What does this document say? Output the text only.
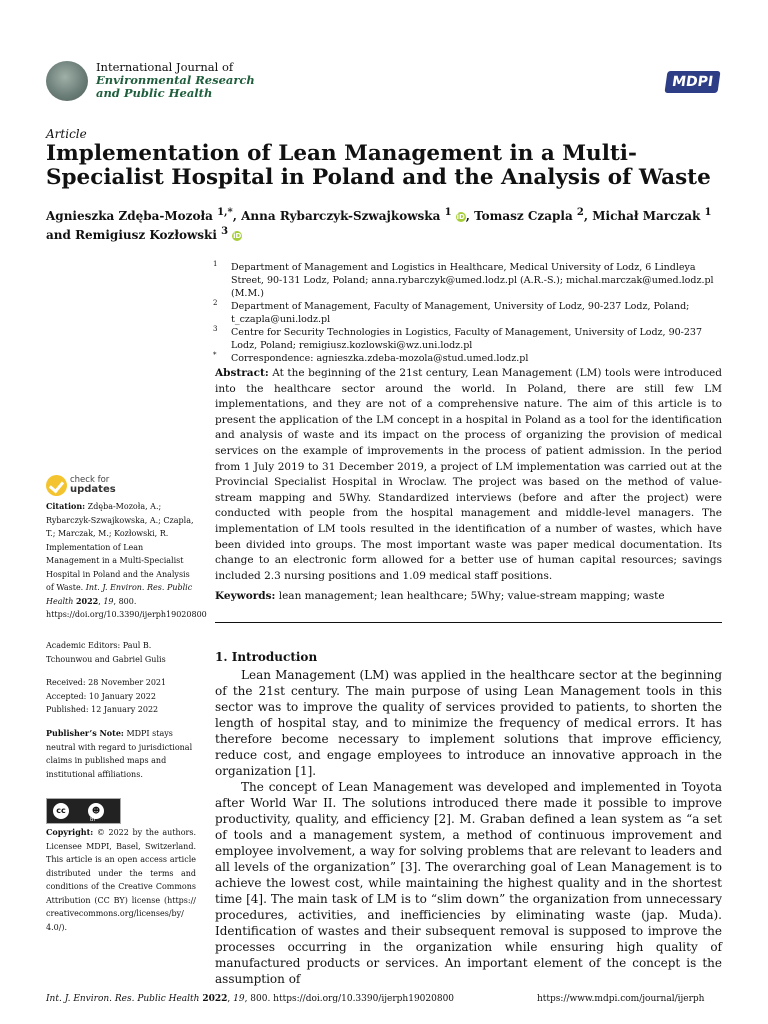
International Journal of
Environmental Research
and Public Health
MDPI
Article
Implementation of Lean Management in a Multi-Specialist Hospital in Poland and the Analysis of Waste
Agnieszka Zdęba-Mozoła $^{1,*}$, Anna Rybarczyk-Szwajkowska $^1$ iD, Tomasz Czapla $^2$, Michał Marczak $^1$
and Remigiusz Kozłowski $^3$ iD
1 Department of Management and Logistics in Healthcare, Medical University of Lodz, 6 Lindleya Street, 90-131 Lodz, Poland; anna.rybarczyk@umed.lodz.pl (A.R.-S.); michal.marczak@umed.lodz.pl (M.M.)
2 Department of Management, Faculty of Management, University of Lodz, 90-237 Lodz, Poland; t_czapla@uni.lodz.pl
3 Centre for Security Technologies in Logistics, Faculty of Management, University of Lodz, 90-237 Lodz, Poland; remigiusz.kozlowski@wz.uni.lodz.pl
* Correspondence: agnieszka.zdeba-mozola@stud.umed.lodz.pl
Abstract: At the beginning of the 21st century, Lean Management (LM) tools were introduced into the healthcare sector around the world. In Poland, there are still few LM implementations, and they are not of a comprehensive nature. The aim of this article is to present the application of the LM concept in a hospital in Poland as a tool for the identification and analysis of waste and its impact on the process of organizing the provision of medical services on the example of improvements in the process of patient admission. In the period from 1 July 2019 to 31 December 2019, a project of LM implementation was carried out at the Provincial Specialist Hospital in Wroclaw. The project was based on the method of value-stream mapping and 5Why. Standardized interviews (before and after the project) were conducted with people from the hospital management and middle-level managers. The implementation of LM tools resulted in the identification of a number of wastes, which have been divided into groups. The most important waste was paper medical documentation. Its change to an electronic form allowed for a better use of human capital resources; savings included 2.3 nursing positions and 1.09 medical staff positions.
Keywords: lean management; lean healthcare; 5Why; value-stream mapping; waste
check for
updates
Citation: Zdęba-Mozoła, A.; Rybarczyk-Szwajkowska, A.; Czapla, T.; Marczak, M.; Kozłowski, R. Implementation of Lean Management in a Multi-Specialist Hospital in Poland and the Analysis of Waste. Int. J. Environ. Res. Public Health 2022, 19, 800. https://doi.org/10.3390/ijerph19020800
Academic Editors: Paul B. Tchounwou and Gabriel Gulis
Received: 28 November 2021
Accepted: 10 January 2022
Published: 12 January 2022
Publisher’s Note: MDPI stays neutral with regard to jurisdictional claims in published maps and institutional affiliations.
cc	☻
BY
Copyright: © 2022 by the authors. Licensee MDPI, Basel, Switzerland. This article is an open access article distributed under the terms and conditions of the Creative Commons Attribution (CC BY) license (https:// creativecommons.org/licenses/by/ 4.0/).
1. Introduction

Lean Management (LM) was applied in the healthcare sector at the beginning of the 21st century. The main purpose of using Lean Management tools in this sector was to improve the quality of services provided to patients, to shorten the length of hospital stay, and to minimize the frequency of medical errors. It has therefore become necessary to implement solutions that improve efficiency, reduce cost, and engage employees to introduce an innovative approach in the organization [1].

The concept of Lean Management was developed and implemented in Toyota after World War II. The solutions introduced there made it possible to improve productivity, quality, and efficiency [2]. M. Graban defined a lean system as “a set of tools and a management system, a method of continuous improvement and employee involvement, a way for solving problems that are relevant to leaders and all levels of the organization” [3]. The overarching goal of Lean Management is to achieve the lowest cost, while maintaining the highest quality and in the shortest time [4]. The main task of LM is to “slim down” the organization from unnecessary procedures, activities, and inefficiencies by eliminating waste (jap. Muda). Identification of wastes and their subsequent removal is supposed to improve the processes occurring in the organization while ensuring high quality of manufactured products or services. An important element of the concept is the assumption of

Int. J. Environ. Res. Public Health 2022, 19, 800. https://doi.org/10.3390/ijerph19020800	https://www.mdpi.com/journal/ijerph
